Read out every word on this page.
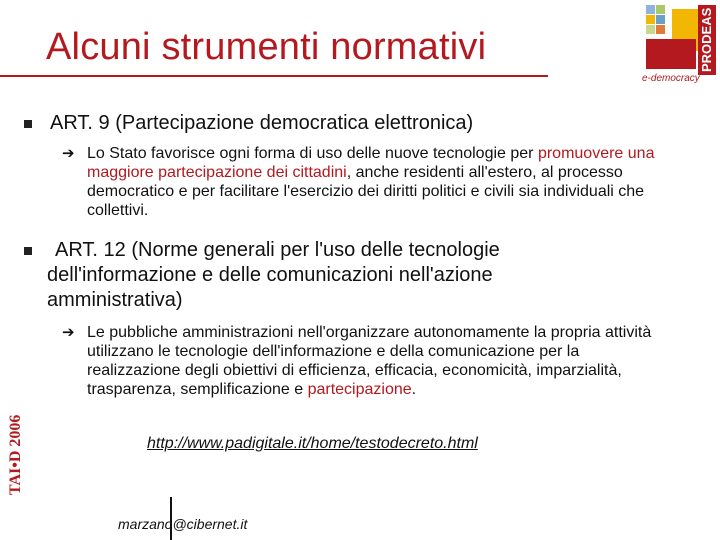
Alcuni strumenti normativi	PRODEAS
e-democracy
ART. 9 (Partecipazione democratica elettronica)
➔ Lo Stato favorisce ogni forma di uso delle nuove tecnologie per promuovere una maggiore partecipazione dei cittadini, anche residenti all'estero, al processo democratico e per facilitare l'esercizio dei diritti politici e civili sia individuali che collettivi.
ART. 12 (Norme generali per l'uso delle tecnologie
dell'informazione e delle comunicazioni nell'azione
amministrativa)
➔ Le pubbliche amministrazioni nell'organizzare autonomamente la propria attività utilizzano le tecnologie dell'informazione e della comunicazione per la realizzazione degli obiettivi di efficienza, efficacia, economicità, imparzialità, trasparenza, semplificazione e partecipazione.
http://www.padigitale.it/home/testodecreto.html
TAI•D 2006
marzano@cibernet.it
